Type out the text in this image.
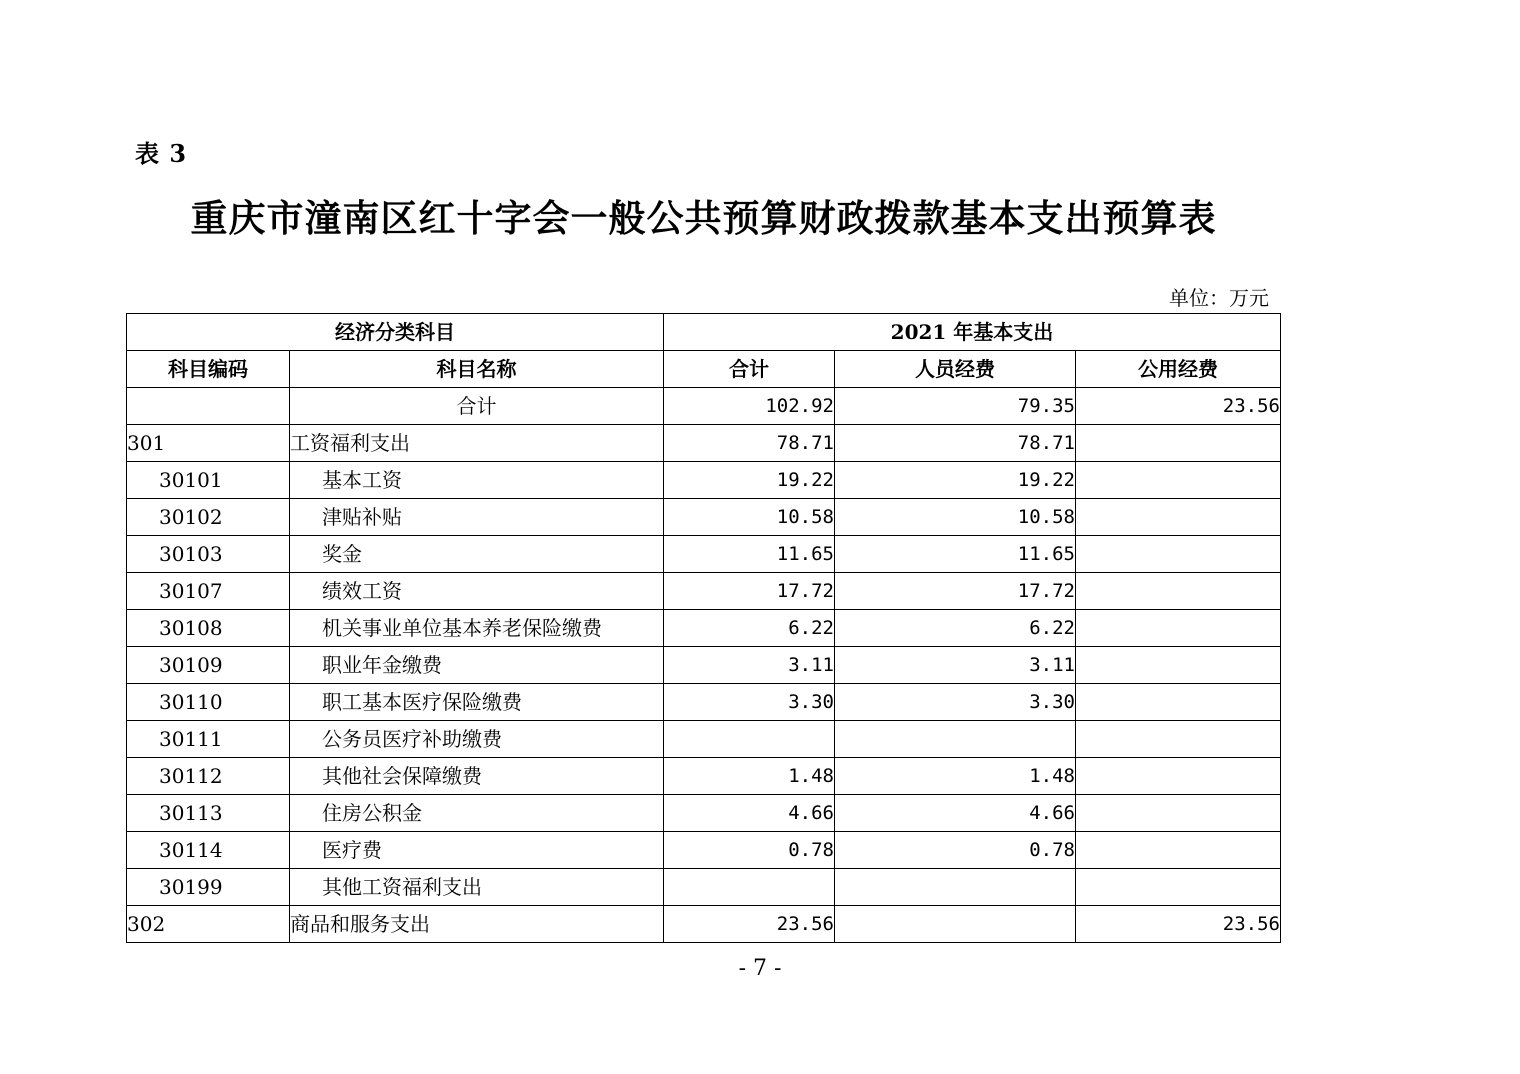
表 3
重庆市潼南区红十字会一般公共预算财政拨款基本支出预算表
单位：万元
经济分类科目		2021 年基本支出		
科目编码	科目名称	合计	人员经费	公用经费
	合计	102.92	79.35	23.56
301	工资福利支出	78.71	78.71	
30101	基本工资	19.22	19.22	
30102	津贴补贴	10.58	10.58	
30103	奖金	11.65	11.65	
30107	绩效工资	17.72	17.72	
30108	机关事业单位基本养老保险缴费	6.22	6.22	
30109	职业年金缴费	3.11	3.11	
30110	职工基本医疗保险缴费	3.30	3.30	
30111	公务员医疗补助缴费			
30112	其他社会保障缴费	1.48	1.48	
30113	住房公积金	4.66	4.66	
30114	医疗费	0.78	0.78	
30199	其他工资福利支出			
302	商品和服务支出	23.56		23.56
- 7 -
